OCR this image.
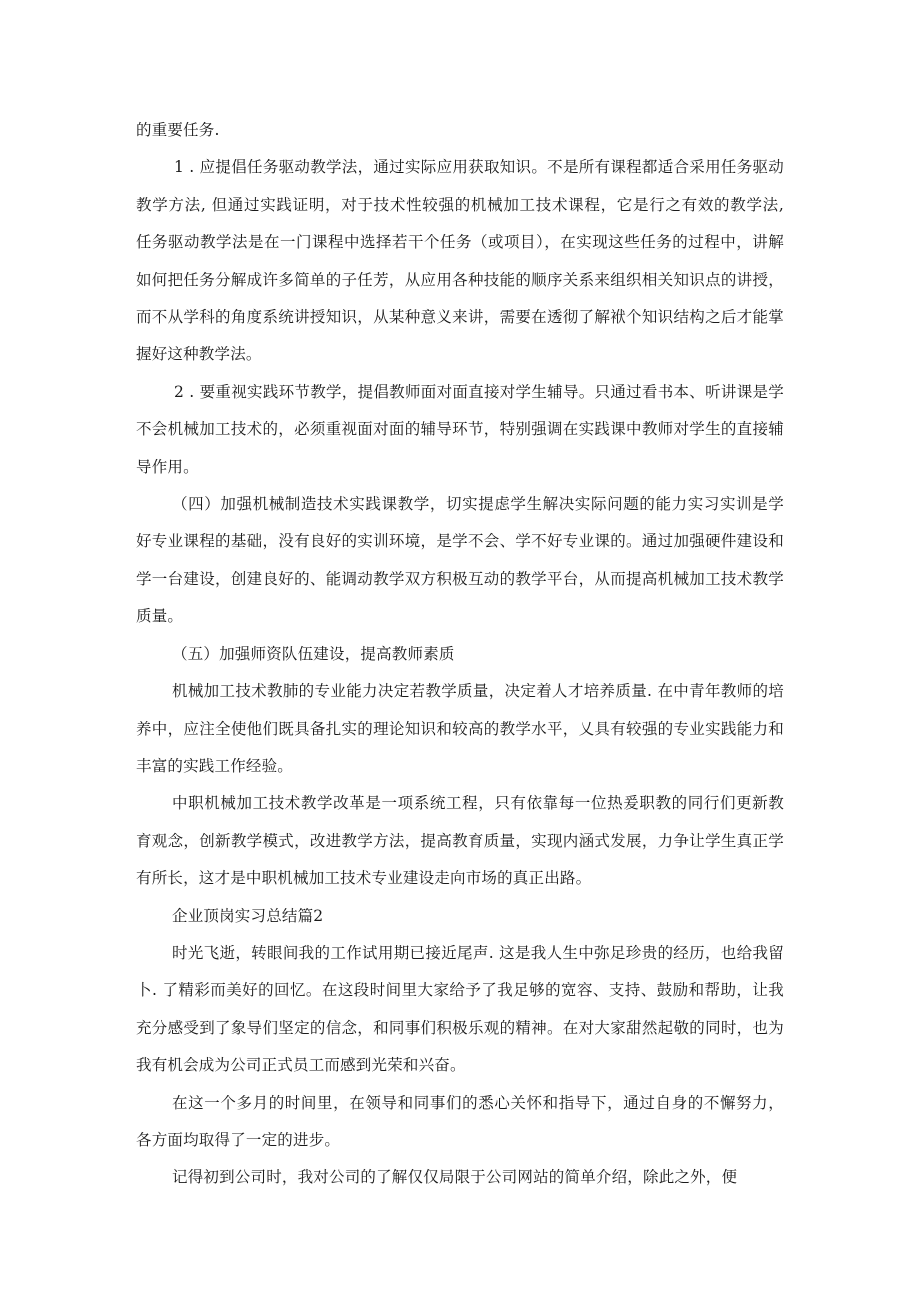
的重要任务.

1 . 应提倡任务驱动教学法，通过实际应用获取知识。不是所有课程都适合采用任务驱动教学方法, 但通过实践证明，对于技术性较强的机械加工技术课程，它是行之有效的教学法, 任务驱动教学法是在一门课程中选择若干个任务（或项目），在实现这些任务的过程中，讲解如何把任务分解成许多简单的子任芳，从应用各种技能的顺序关系来组织相关知识点的讲授，而不从学科的角度系统讲授知识，从某种意义来讲，需要在透彻了解袱个知识结构之后才能掌握好这种教学法。

2 . 要重视实践环节教学，提倡教师面对面直接对学生辅导。只通过看书本、听讲课是学不会机械加工技术的，必须重视面对面的辅导环节，特别强调在实践课中教师对学生的直接辅导作用。

（四）加强机械制造技术实践课教学，切实提虑学生解决实际问题的能力实习实训是学好专业课程的基础，没有良好的实训环境，是学不会、学不好专业课的。通过加强硬件建设和学一台建设，创建良好的、能调动教学双方积极互动的教学平台，从而提高机械加工技术教学质量。

（五）加强师资队伍建设，提高教师素质

机械加工技术教肺的专业能力决定若教学质量，决定着人才培养质量. 在中青年教师的培养中，应注全使他们既具备扎实的理论知识和较高的教学水平，乂具有较强的专业实践能力和丰富的实践工作经验。

中职机械加工技术教学改革是一项系统工程，只有依靠每一位热爰职教的同行们更新教育观念，创新教学模式，改进教学方法，提高教育质量，实现内涵式发展，力争让学生真正学有所长，这才是中职机械加工技术专业建设走向市场的真正出路。

企业顶岗实习总结篇2

时光飞逝，转眼间我的工作试用期已接近尾声. 这是我人生中弥足珍贵的经历，也给我留卜. 了精彩而美好的回忆。在这段时间里大家给予了我足够的宽容、支持、鼓励和帮助，让我充分感受到了象导们坚定的信念，和同事们积极乐观的精神。在对大家甜然起敬的同时，也为我有机会成为公司正式员工而感到光荣和兴奋。

在这一个多月的时间里，在领导和同事们的悉心关怀和指导下，通过自身的不懈努力，各方面均取得了一定的进步。

记得初到公司时，我对公司的了解仅仅局限于公司网站的简单介绍，除此之外，便
